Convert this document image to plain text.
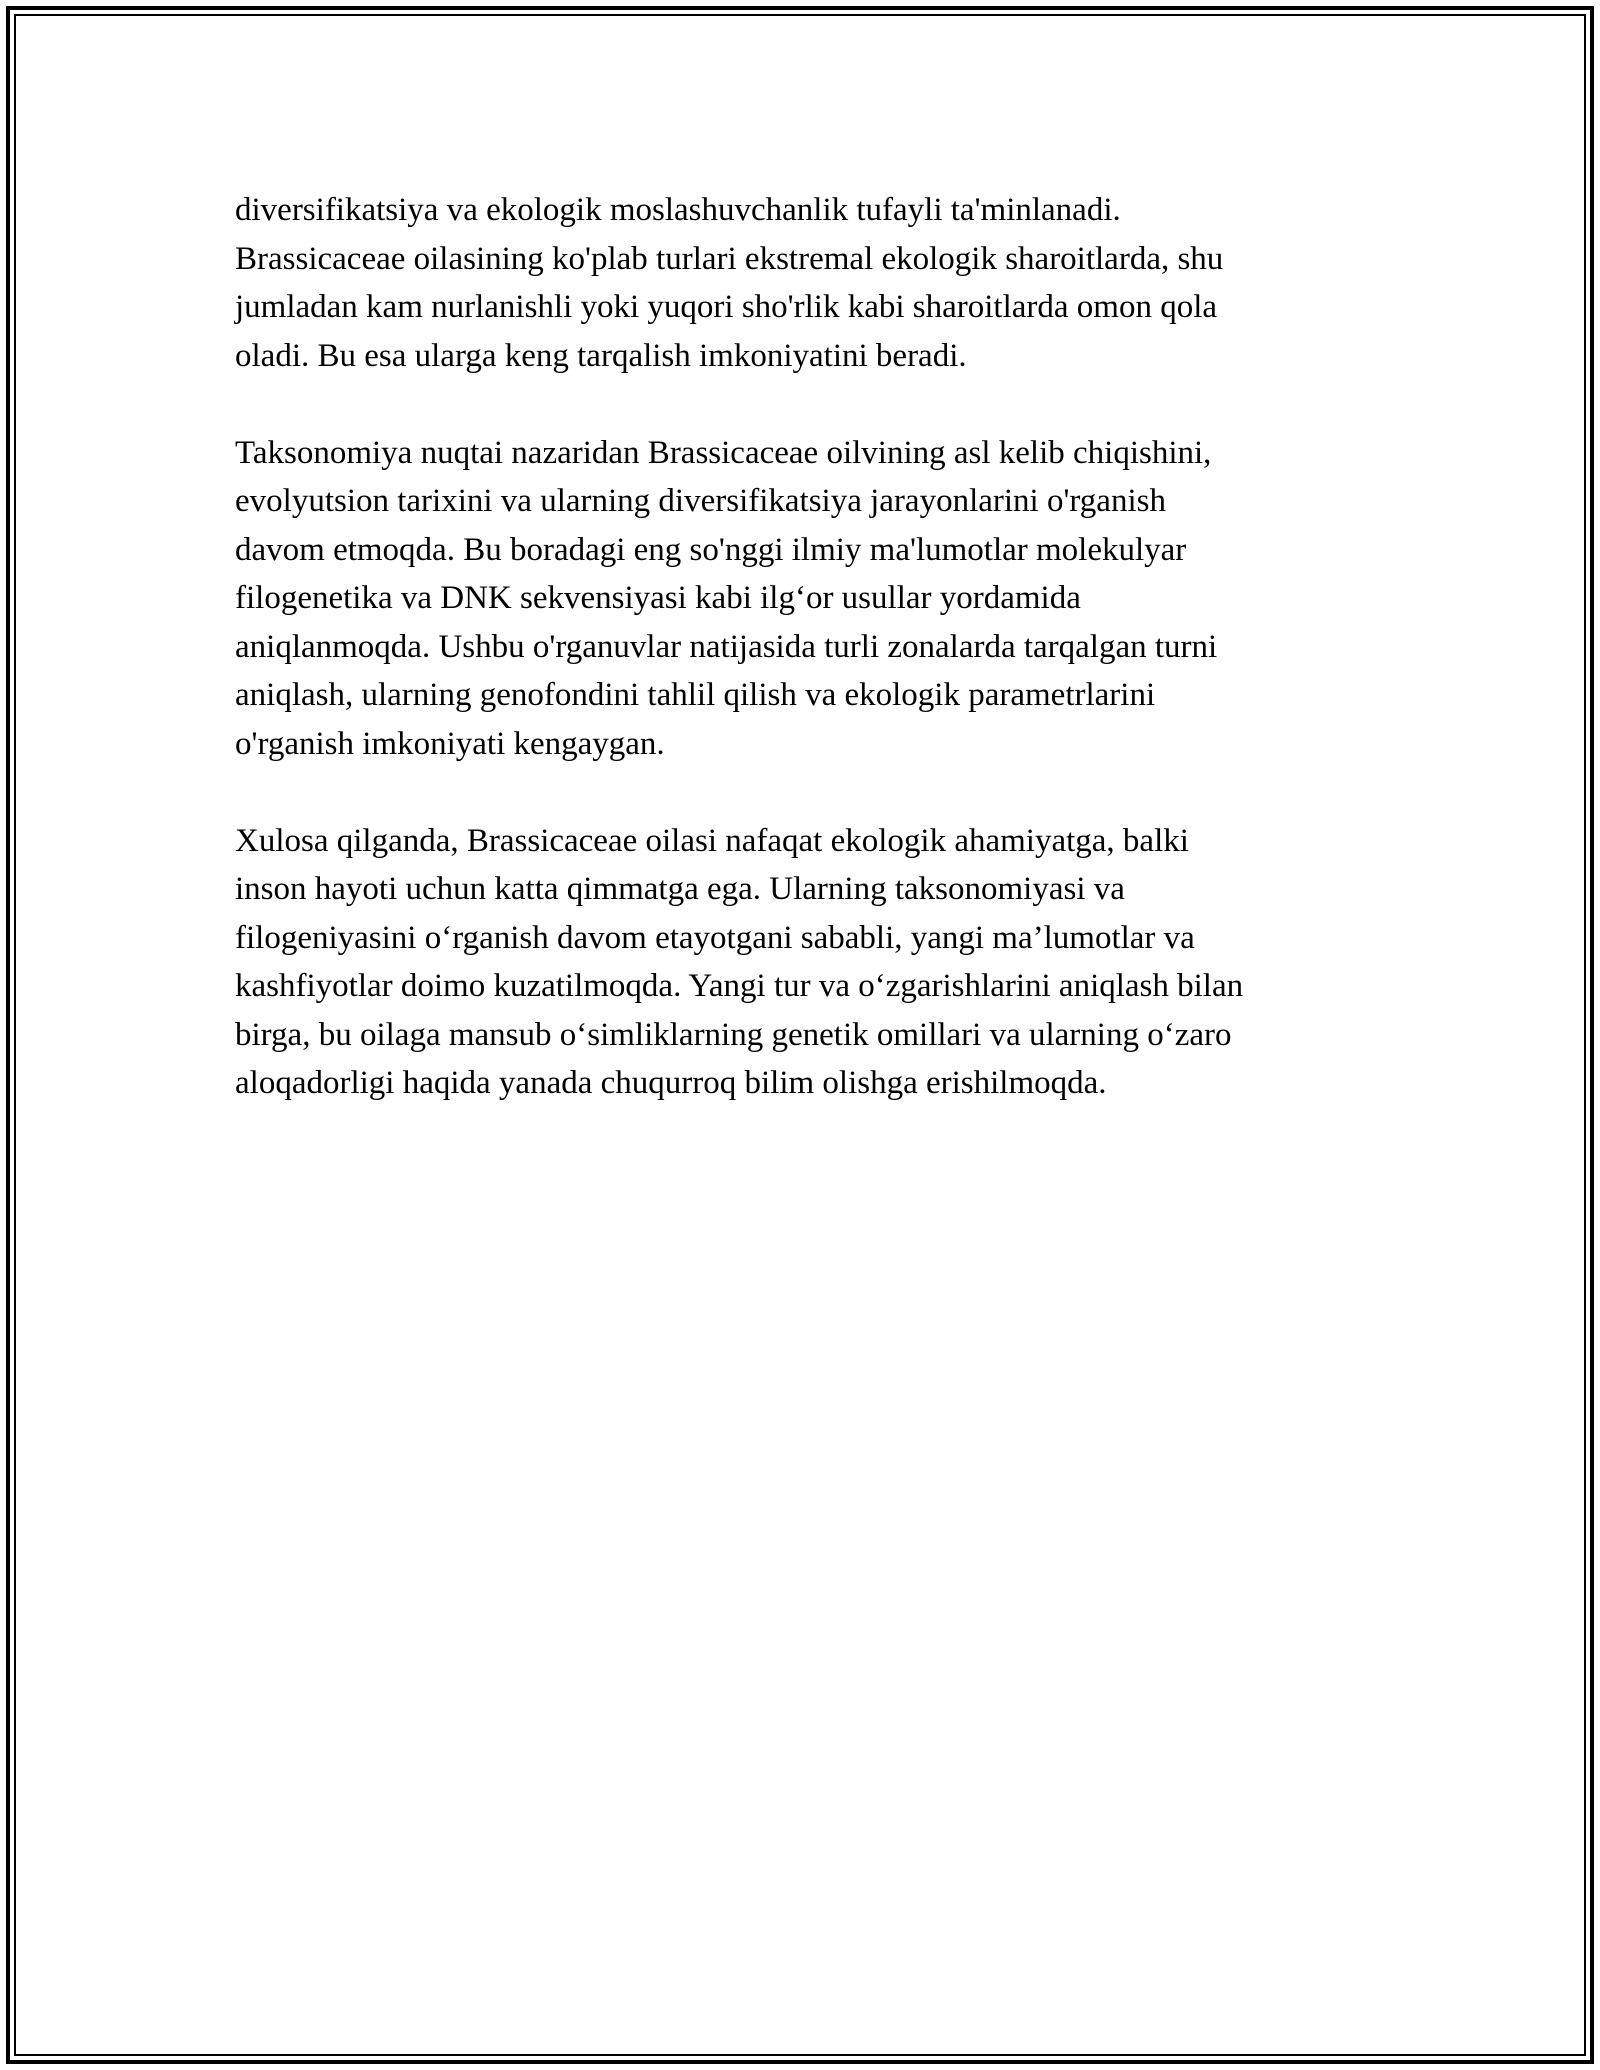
diversifikatsiya va ekologik moslashuvchanlik tufayli ta'minlanadi.
Brassicaceae oilasining ko'plab turlari ekstremal ekologik sharoitlarda, shu
jumladan kam nurlanishli yoki yuqori sho'rlik kabi sharoitlarda omon qola
oladi. Bu esa ularga keng tarqalish imkoniyatini beradi.

Taksonomiya nuqtai nazaridan Brassicaceae oilvining asl kelib chiqishini,
evolyutsion tarixini va ularning diversifikatsiya jarayonlarini o'rganish
davom etmoqda. Bu boradagi eng so'nggi ilmiy ma'lumotlar molekulyar
filogenetika va DNK sekvensiyasi kabi ilg‘or usullar yordamida
aniqlanmoqda. Ushbu o'rganuvlar natijasida turli zonalarda tarqalgan turni
aniqlash, ularning genofondini tahlil qilish va ekologik parametrlarini
o'rganish imkoniyati kengaygan.

Xulosa qilganda, Brassicaceae oilasi nafaqat ekologik ahamiyatga, balki
inson hayoti uchun katta qimmatga ega. Ularning taksonomiyasi va
filogeniyasini o‘rganish davom etayotgani sababli, yangi ma’lumotlar va
kashfiyotlar doimo kuzatilmoqda. Yangi tur va o‘zgarishlarini aniqlash bilan
birga, bu oilaga mansub o‘simliklarning genetik omillari va ularning o‘zaro
aloqadorligi haqida yanada chuqurroq bilim olishga erishilmoqda.
